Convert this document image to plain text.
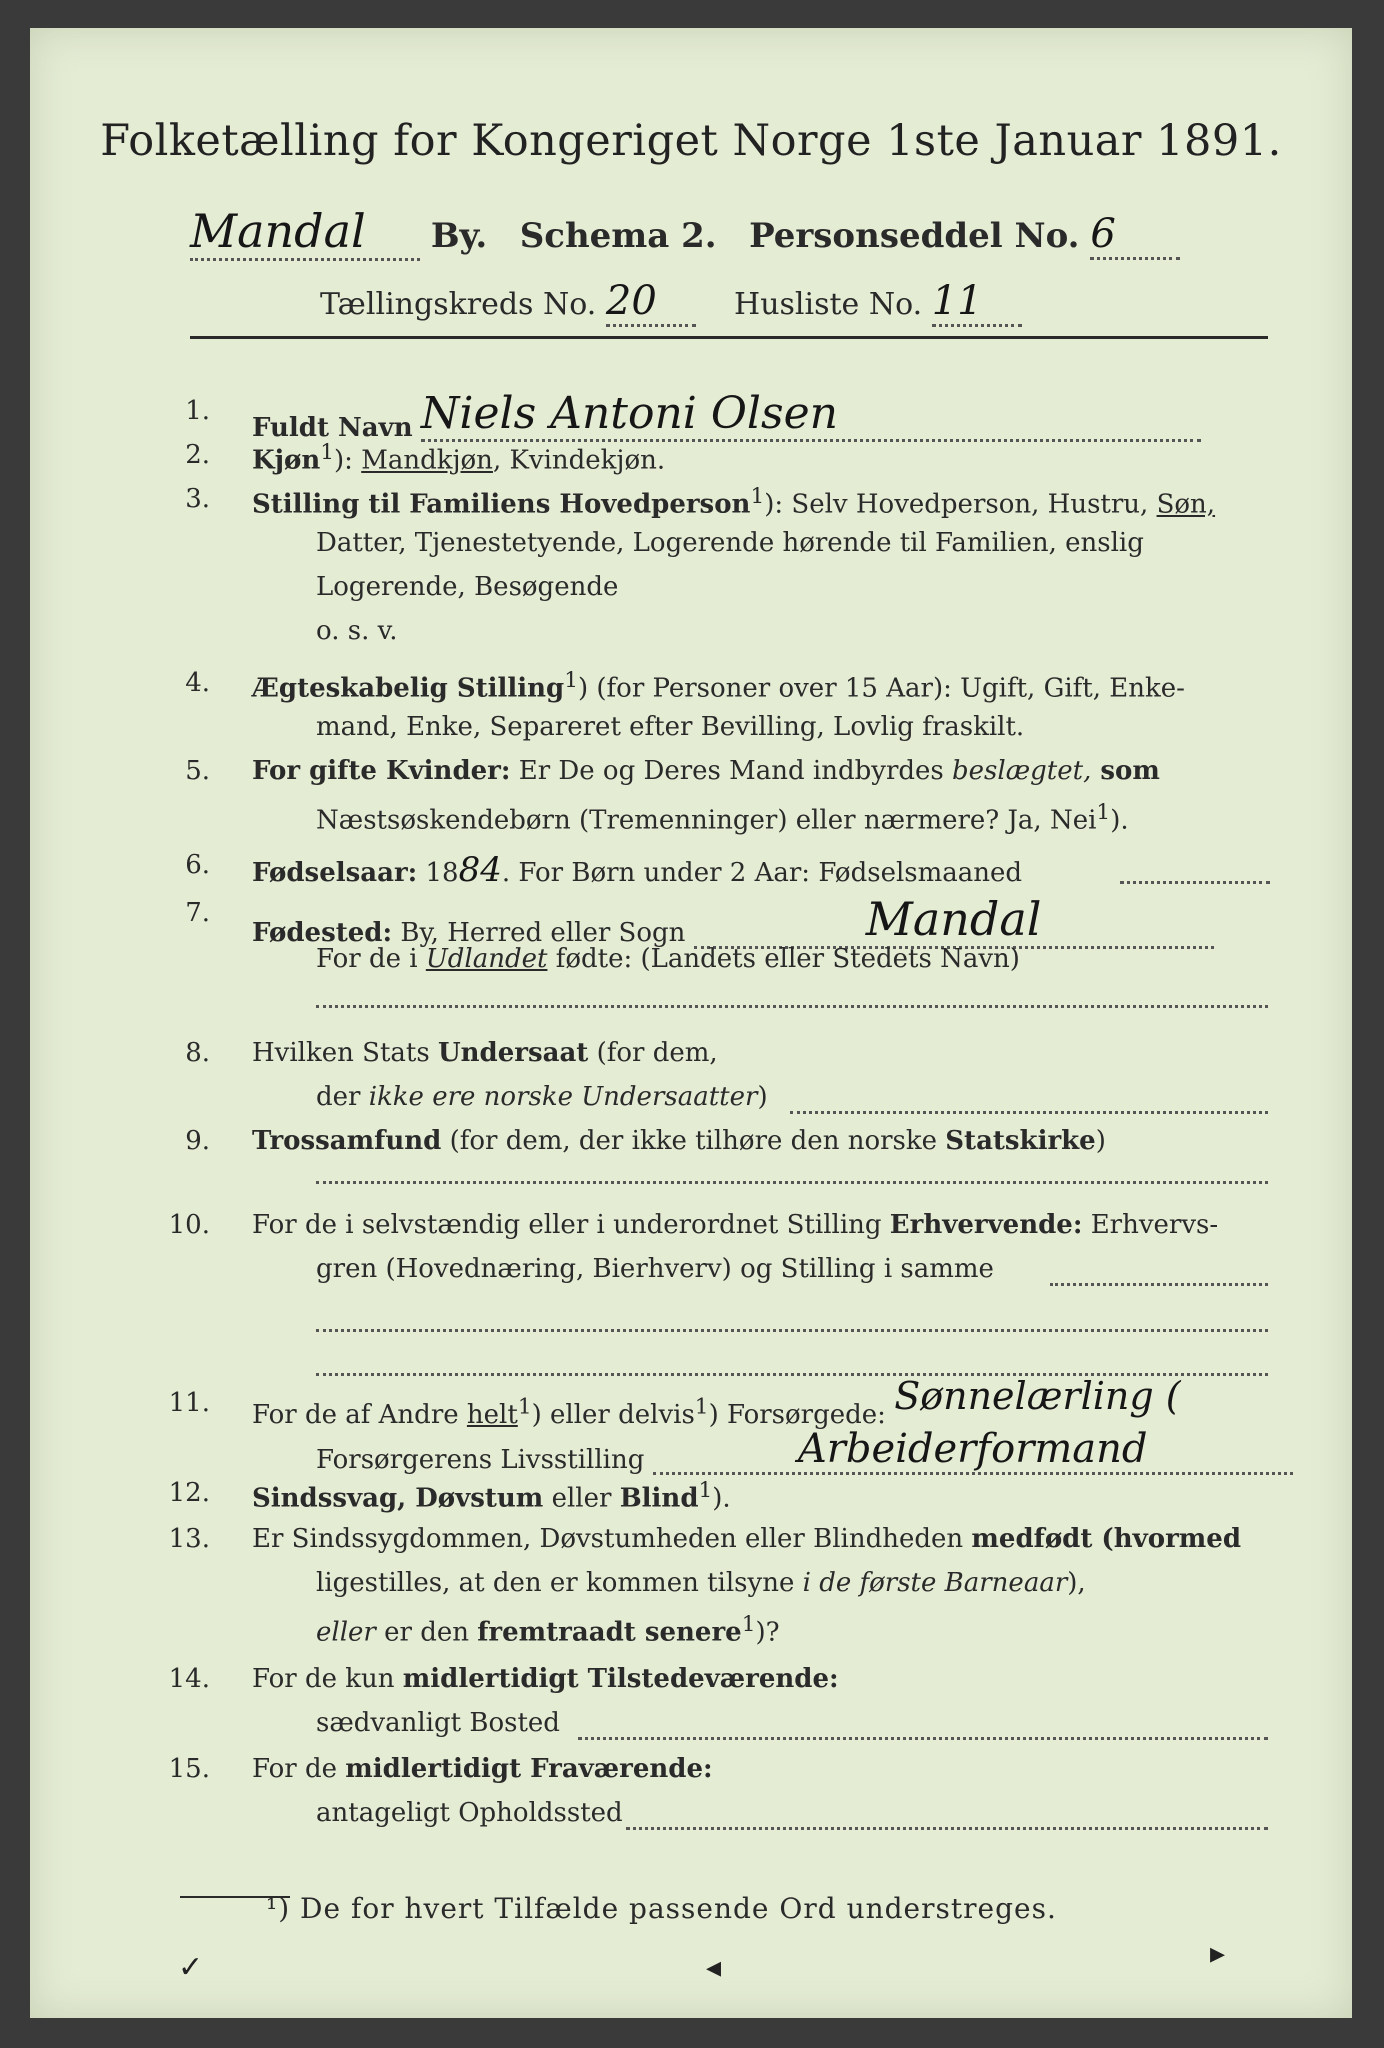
Folketælling for Kongeriget Norge 1ste Januar 1891.
Mandal By. Schema 2. Personseddel No. 6
Tællingskreds No. 20	Husliste No. 11
1.
Fuldt Navn Niels Antoni Olsen
2. Kjøn$^1$): Mandkjøn, Kvindekjøn.
3. Stilling til Familiens Hovedperson$^1$): Selv Hovedperson, Hustru, Søn,
Datter, Tjenestetyende, Logerende hørende til Familien, enslig
Logerende, Besøgende
o. s. v.
4. Ægteskabelig Stilling$^1$) (for Personer over 15 Aar): Ugift, Gift, Enke-
mand, Enke, Separeret efter Bevilling, Lovlig fraskilt.
5. For gifte Kvinder: Er De og Deres Mand indbyrdes beslægtet, som
Næstsøskendebørn (Tremenninger) eller nærmere? Ja, Nei$^1$).
6. Fødselsaar: 1884. For Børn under 2 Aar: Fødselsmaaned
7.
Fødested: By, Herred eller Sogn	Mandal
For de i Udlandet fødte: (Landets eller Stedets Navn)
8. Hvilken Stats Undersaat (for dem,
der ikke ere norske Undersaatter)
9. Trossamfund (for dem, der ikke tilhøre den norske Statskirke)
10. For de i selvstændig eller i underordnet Stilling Erhvervende: Erhvervs-
gren (Hovednæring, Bierhverv) og Stilling i samme
11. For de af Andre helt$^1$) eller delvis$^1$) Forsørgede: Sønnelærling (
Forsørgerens Livsstilling	Arbeiderformand
12. Sindssvag, Døvstum eller Blind$^1$).
13. Er Sindssygdommen, Døvstumheden eller Blindheden medfødt (hvormed
ligestilles, at den er kommen tilsyne i de første Barneaar),
eller er den fremtraadt senere$^1$)?
14. For de kun midlertidigt Tilstedeværende:
sædvanligt Bosted
15. For de midlertidigt Fraværende:
antageligt Opholdssted
¹) De for hvert Tilfælde passende Ord understreges.
✓	◂	▸
